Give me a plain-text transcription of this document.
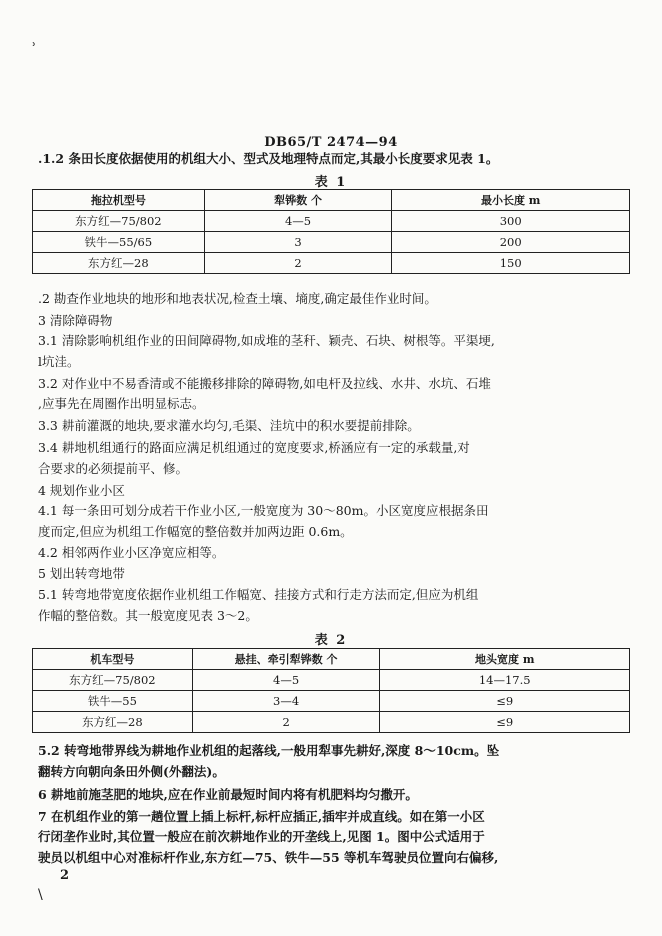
ʾ
DB65/T 2474—94
.1.2 条田长度依据使用的机组大小、型式及地理特点而定,其最小长度要求见表 1。
表 1
拖拉机型号	犁铧数 个	最小长度 m
东方红—75/802	4—5	300
铁牛—55/65	3	200
东方红—28	2	150
.2 勘查作业地块的地形和地表状况,检查土壤、墒度,确定最佳作业时间。
3 清除障碍物
3.1 清除影响机组作业的田间障碍物,如成堆的茎秆、颖壳、石块、树根等。平渠埂,
l坑洼。
3.2 对作业中不易香清或不能搬移排除的障碍物,如电杆及拉线、水井、水坑、石堆
,应事先在周圈作出明显标志。
3.3 耕前灌溉的地块,要求灌水均匀,毛渠、洼坑中的积水要提前排除。
3.4 耕地机组通行的路面应满足机组通过的宽度要求,桥涵应有一定的承载量,对
合要求的必须提前平、修。
4 规划作业小区
4.1 每一条田可划分成若干作业小区,一般宽度为 30～80m。小区宽度应根据条田
度而定,但应为机组工作幅宽的整倍数并加两边距 0.6m。
4.2 相邻两作业小区净宽应相等。
5 划出转弯地带
5.1 转弯地带宽度依据作业机组工作幅宽、挂接方式和行走方法而定,但应为机组
作幅的整倍数。其一般宽度见表 3～2。
表 2
机车型号	悬挂、牵引犁铧数 个	地头宽度 m
东方红—75/802	4—5	14—17.5
铁牛—55	3—4	≤9
东方红—28	2	≤9
5.2 转弯地带界线为耕地作业机组的起落线,一般用犁事先耕好,深度 8～10cm。坠
翻转方向朝向条田外侧(外翻法)。
6 耕地前施茎肥的地块,应在作业前最短时间内将有机肥料均匀撒开。
7 在机组作业的第一趟位置上插上标杆,标杆应插正,插牢并成直线。如在第一小区
行闭垄作业时,其位置一般应在前次耕地作业的开垄线上,见图 1。图中公式适用于
驶员以机组中心对准标杆作业,东方红—75、铁牛—55 等机车驾驶员位置向右偏移,
2
\
